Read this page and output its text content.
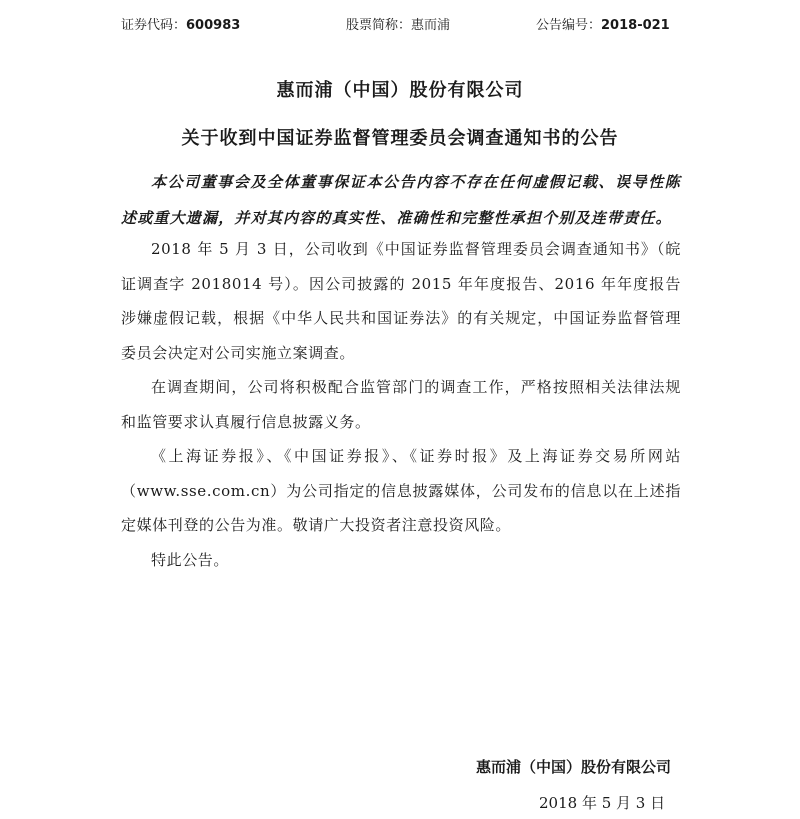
证券代码：600983	股票简称：惠而浦	公告编号：2018-021
惠而浦（中国）股份有限公司
关于收到中国证券监督管理委员会调查通知书的公告
本公司董事会及全体董事保证本公告内容不存在任何虚假记载、误导性陈述或重大遗漏，并对其内容的真实性、准确性和完整性承担个别及连带责任。

2018 年 5 月 3 日，公司收到《中国证券监督管理委员会调查通知书》（皖证调查字 2018014 号）。因公司披露的 2015 年年度报告、2016 年年度报告涉嫌虚假记载，根据《中华人民共和国证券法》的有关规定，中国证券监督管理委员会决定对公司实施立案调查。

在调查期间，公司将积极配合监管部门的调查工作，严格按照相关法律法规和监管要求认真履行信息披露义务。

《上海证券报》、《中国证券报》、《证券时报》及上海证券交易所网站（www.sse.com.cn）为公司指定的信息披露媒体，公司发布的信息以在上述指定媒体刊登的公告为准。敬请广大投资者注意投资风险。

特此公告。

惠而浦（中国）股份有限公司
2018 年 5 月 3 日
